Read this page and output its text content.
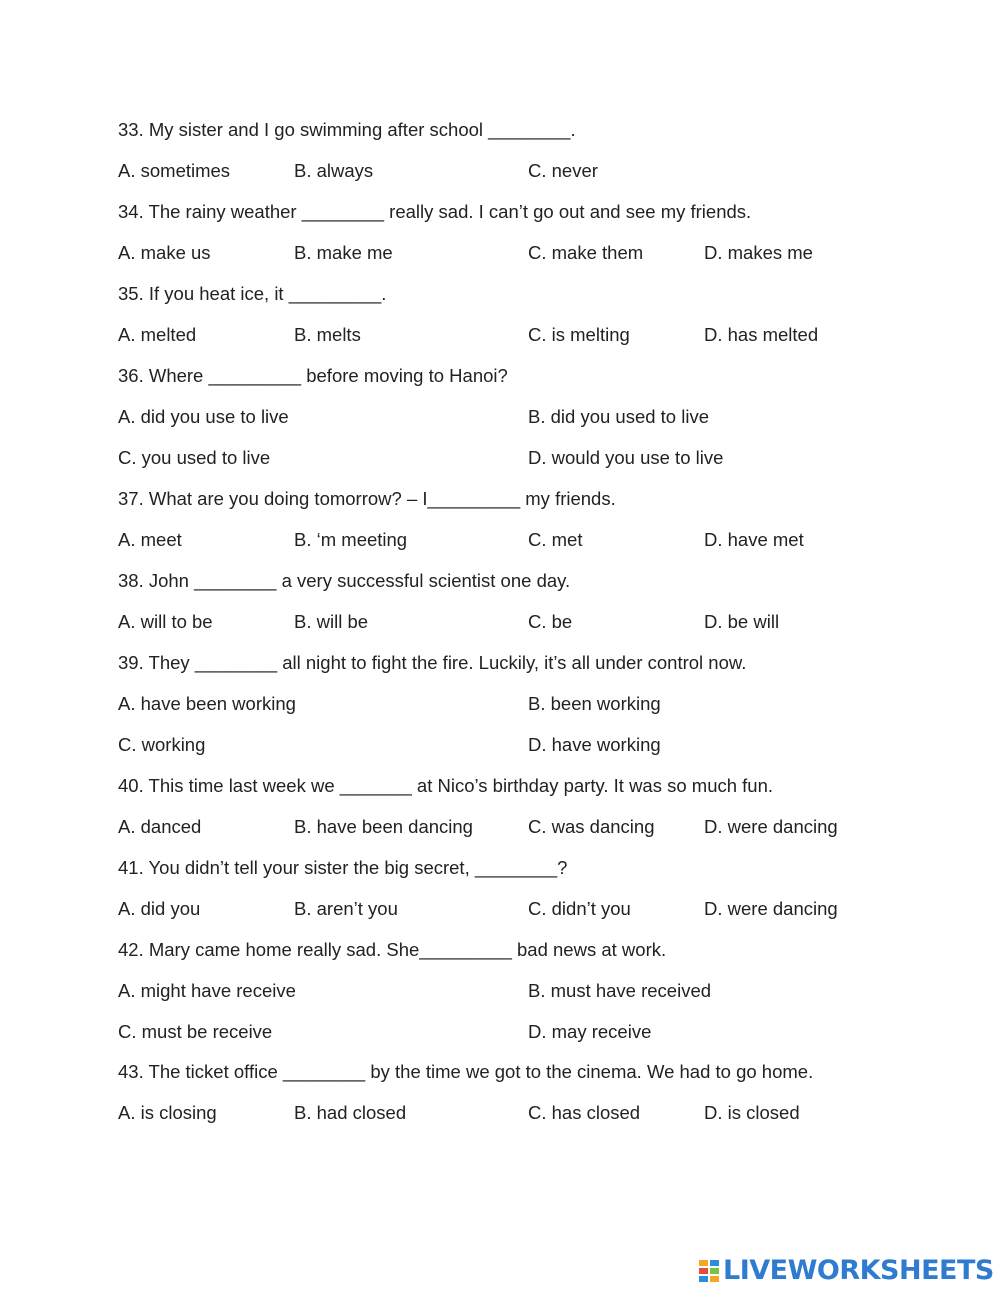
33. My sister and I go swimming after school ________.
A. sometimes	B. always	C. never
34. The rainy weather ________ really sad. I can’t go out and see my friends.
A. make us	B. make me	C. make them	D. makes me
35. If you heat ice, it _________.
A. melted	B. melts	C. is melting	D. has melted
36. Where _________ before moving to Hanoi?
A. did you use to live	B. did you used to live
C. you used to live	D. would you use to live
37. What are you doing tomorrow? – I_________ my friends.
A. meet	B. ‘m meeting	C. met	D. have met
38. John ________ a very successful scientist one day.
A. will to be	B. will be	C. be	D. be will
39. They ________ all night to fight the fire. Luckily, it’s all under control now.
A. have been working	B. been working
C. working	D. have working
40. This time last week we _______ at Nico’s birthday party. It was so much fun.
A. danced	B. have been dancing	C. was dancing	D. were dancing
41. You didn’t tell your sister the big secret, ________?
A. did you	B. aren’t you	C. didn’t you	D. were dancing
42. Mary came home really sad. She_________ bad news at work.
A. might have receive	B. must have received
C. must be receive	D. may receive
43. The ticket office ________ by the time we got to the cinema. We had to go home.
A. is closing	B. had closed	C. has closed	D. is closed
LIVEWORKSHEETS
